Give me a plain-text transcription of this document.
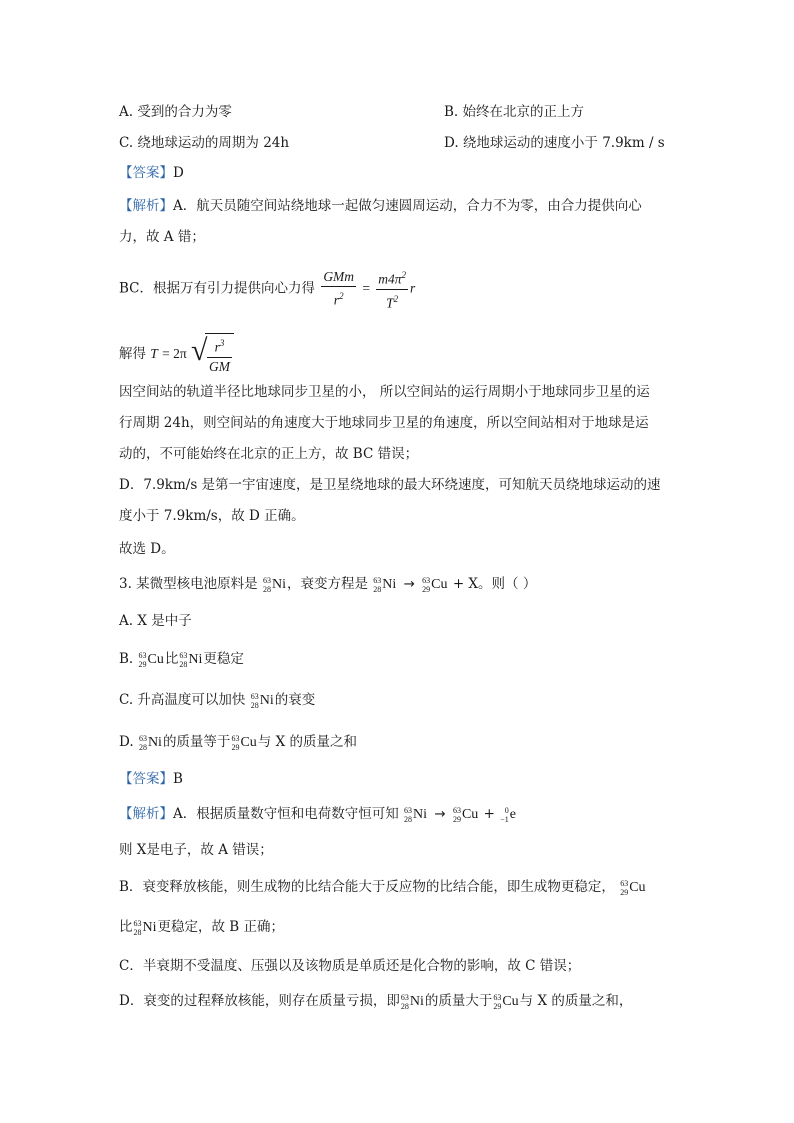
A. 受到的合力为零	B. 始终在北京的正上方
C. 绕地球运动的周期为 24h	D. 绕地球运动的速度小于 7.9km / s
【答案】D
【解析】A．航天员随空间站绕地球一起做匀速圆周运动，合力不为零，由合力提供向心
力，故 A 错；
BC．根据万有引力提供向心力得 $\frac{\text{GMm}}{r^2} = \frac{m4\pi^2}{T^2}$ r
解得 T = 2π √ $\frac{r^3}{GM}$
因空间站的轨道半径比地球同步卫星的小， 所以空间站的运行周期小于地球同步卫星的运
行周期 24h，则空间站的角速度大于地球同步卫星的角速度，所以空间站相对于地球是运
动的，不可能始终在北京的正上方，故 BC 错误；
D．7.9km/s 是第一宇宙速度，是卫星绕地球的最大环绕速度，可知航天员绕地球运动的速
度小于 7.9km/s，故 D 正确。
故选 D。
3. 某微型核电池原料是 63
28 Ni ，衰变方程是 63
28 Ni → 63
29 Cu + X。则（ ）
A. X 是中子
B. 63
29 Cu 比 63
28 Ni 更稳定
C. 升高温度可以加快 63
28 Ni 的衰变
D. 63
28 Ni 的质量等于 63
29 Cu 与 X 的质量之和
【答案】B
【解析】A．根据质量数守恒和电荷数守恒可知 63
28 Ni → 63
29 Cu + 0
−1 e
则 X是电子，故 A 错误；
B．衰变释放核能，则生成物的比结合能大于反应物的比结合能，即生成物更稳定， 63
29 Cu
比 63
28 Ni 更稳定，故 B 正确；
C．半衰期不受温度、压强以及该物质是单质还是化合物的影响，故 C 错误；
D．衰变的过程释放核能，则存在质量亏损，即 63
28 Ni 的质量大于 63
29 Cu 与 X 的质量之和，
